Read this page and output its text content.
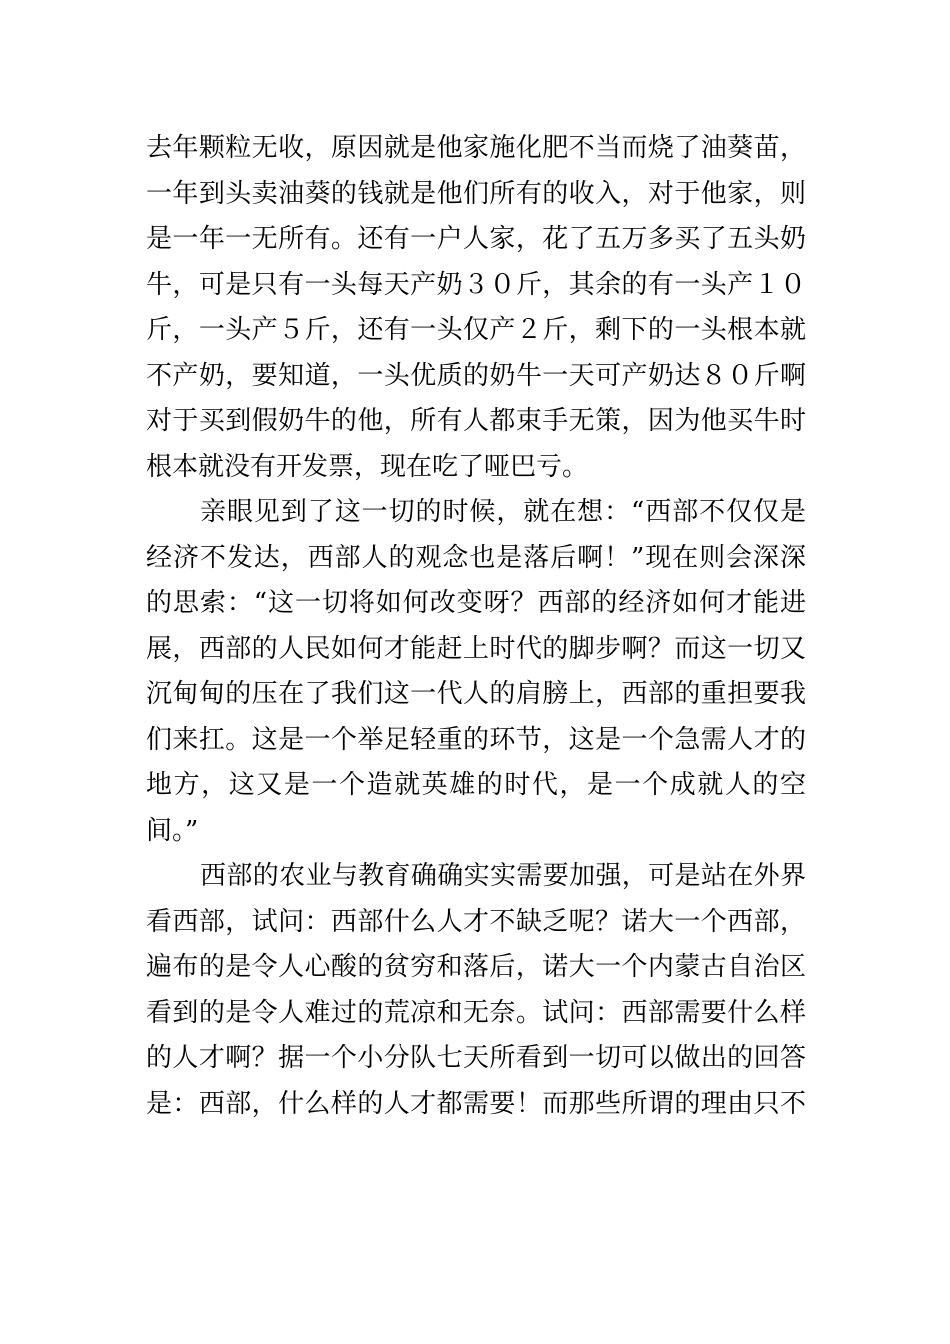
去年颗粒无收，原因就是他家施化肥不当而烧了油葵苗，
一年到头卖油葵的钱就是他们所有的收入，对于他家，则
是一年一无所有。还有一户人家，花了五万多买了五头奶
牛，可是只有一头每天产奶３０斤，其余的有一头产１０
斤，一头产５斤，还有一头仅产２斤，剩下的一头根本就
不产奶，要知道，一头优质的奶牛一天可产奶达８０斤啊
对于买到假奶牛的他，所有人都束手无策，因为他买牛时
根本就没有开发票，现在吃了哑巴亏。
亲眼见到了这一切的时候，就在想：“西部不仅仅是
经济不发达，西部人的观念也是落后啊！”现在则会深深
的思索：“这一切将如何改变呀？西部的经济如何才能进
展，西部的人民如何才能赶上时代的脚步啊？而这一切又
沉甸甸的压在了我们这一代人的肩膀上，西部的重担要我
们来扛。这是一个举足轻重的环节，这是一个急需人才的
地方，这又是一个造就英雄的时代，是一个成就人的空
间。”
西部的农业与教育确确实实需要加强，可是站在外界
看西部，试问：西部什么人才不缺乏呢？诺大一个西部，
遍布的是令人心酸的贫穷和落后，诺大一个内蒙古自治区
看到的是令人难过的荒凉和无奈。试问：西部需要什么样
的人才啊？据一个小分队七天所看到一切可以做出的回答
是：西部，什么样的人才都需要！而那些所谓的理由只不
